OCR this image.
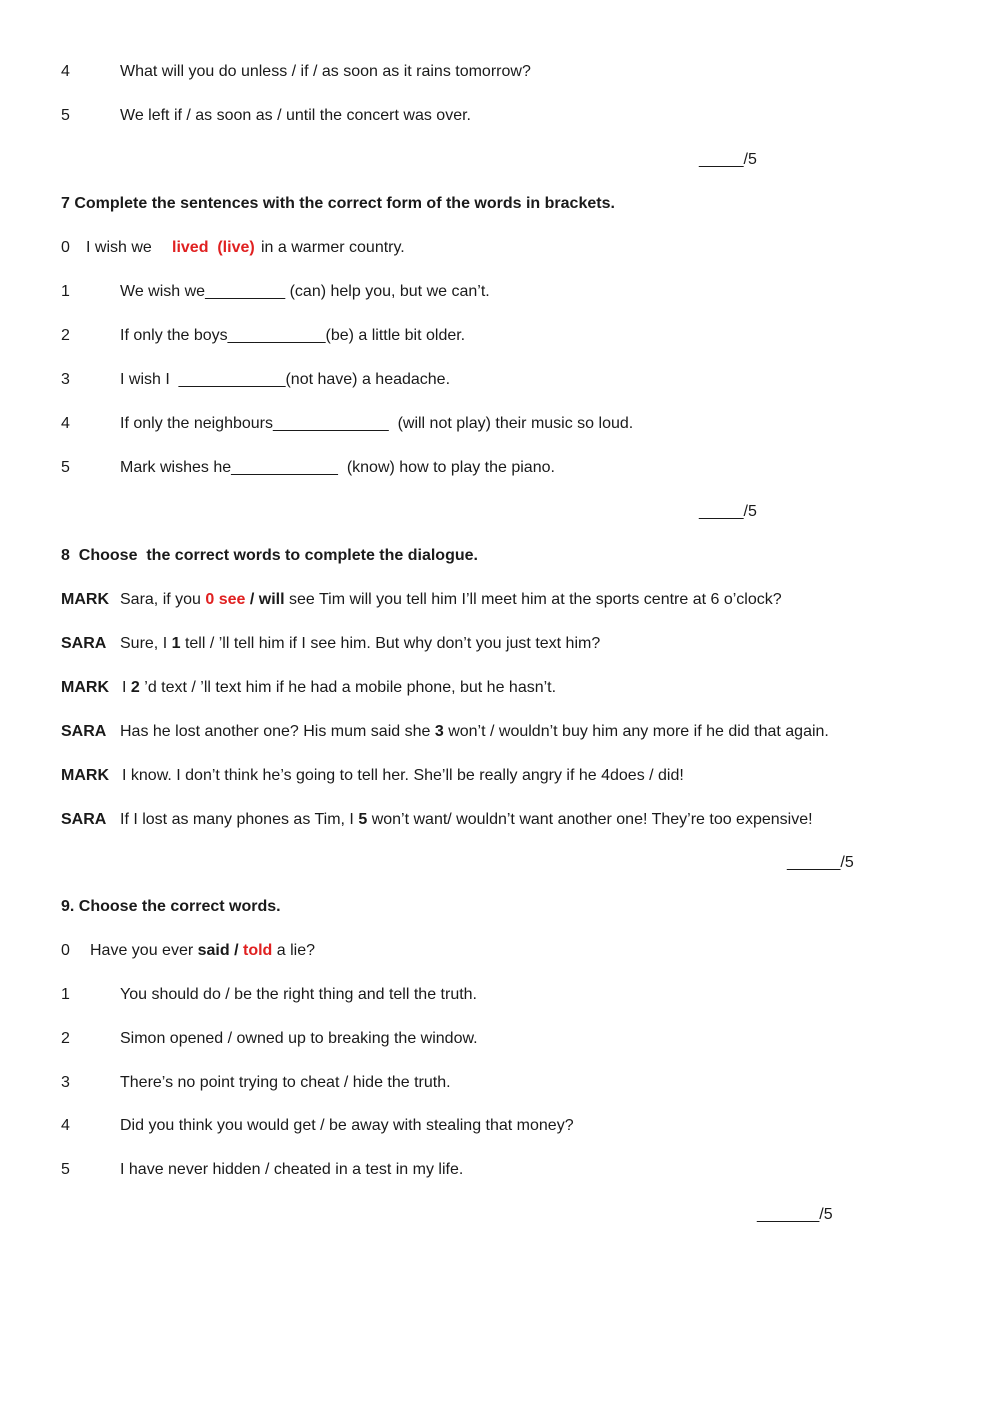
4	What will you do unless / if / as soon as it rains tomorrow?
5	We left if / as soon as / until the concert was over.
_____/5
7 Complete the sentences with the correct form of the words in brackets.
0 I wish we lived  (live) in a warmer country.
1	We wish we_________ (can) help you, but we can’t.
2	If only the boys___________(be) a little bit older.
3	I wish I  ____________(not have) a headache.
4	If only the neighbours_____________  (will not play) their music so loud.
5	Mark wishes he____________  (know) how to play the piano.
_____/5
8  Choose  the correct words to complete the dialogue.
MARK Sara, if you 0 see / will see Tim will you tell him I’ll meet him at the sports centre at 6 o’clock?
SARA Sure, I 1 tell / ’ll tell him if I see him. But why don’t you just text him?
MARK I 2 ’d text / ’ll text him if he had a mobile phone, but he hasn’t.
SARA Has he lost another one? His mum said she 3 won’t / wouldn’t buy him any more if he did that again.
MARK I know. I don’t think he’s going to tell her. She’ll be really angry if he 4does / did!
SARA If I lost as many phones as Tim, I 5 won’t want/ wouldn’t want another one! They’re too expensive!
______/5
9. Choose the correct words.
0 Have you ever said / told a lie?
1	You should do / be the right thing and tell the truth.
2	Simon opened / owned up to breaking the window.
3	There’s no point trying to cheat / hide the truth.
4	Did you think you would get / be away with stealing that money?
5	I have never hidden / cheated in a test in my life.
_______/5
